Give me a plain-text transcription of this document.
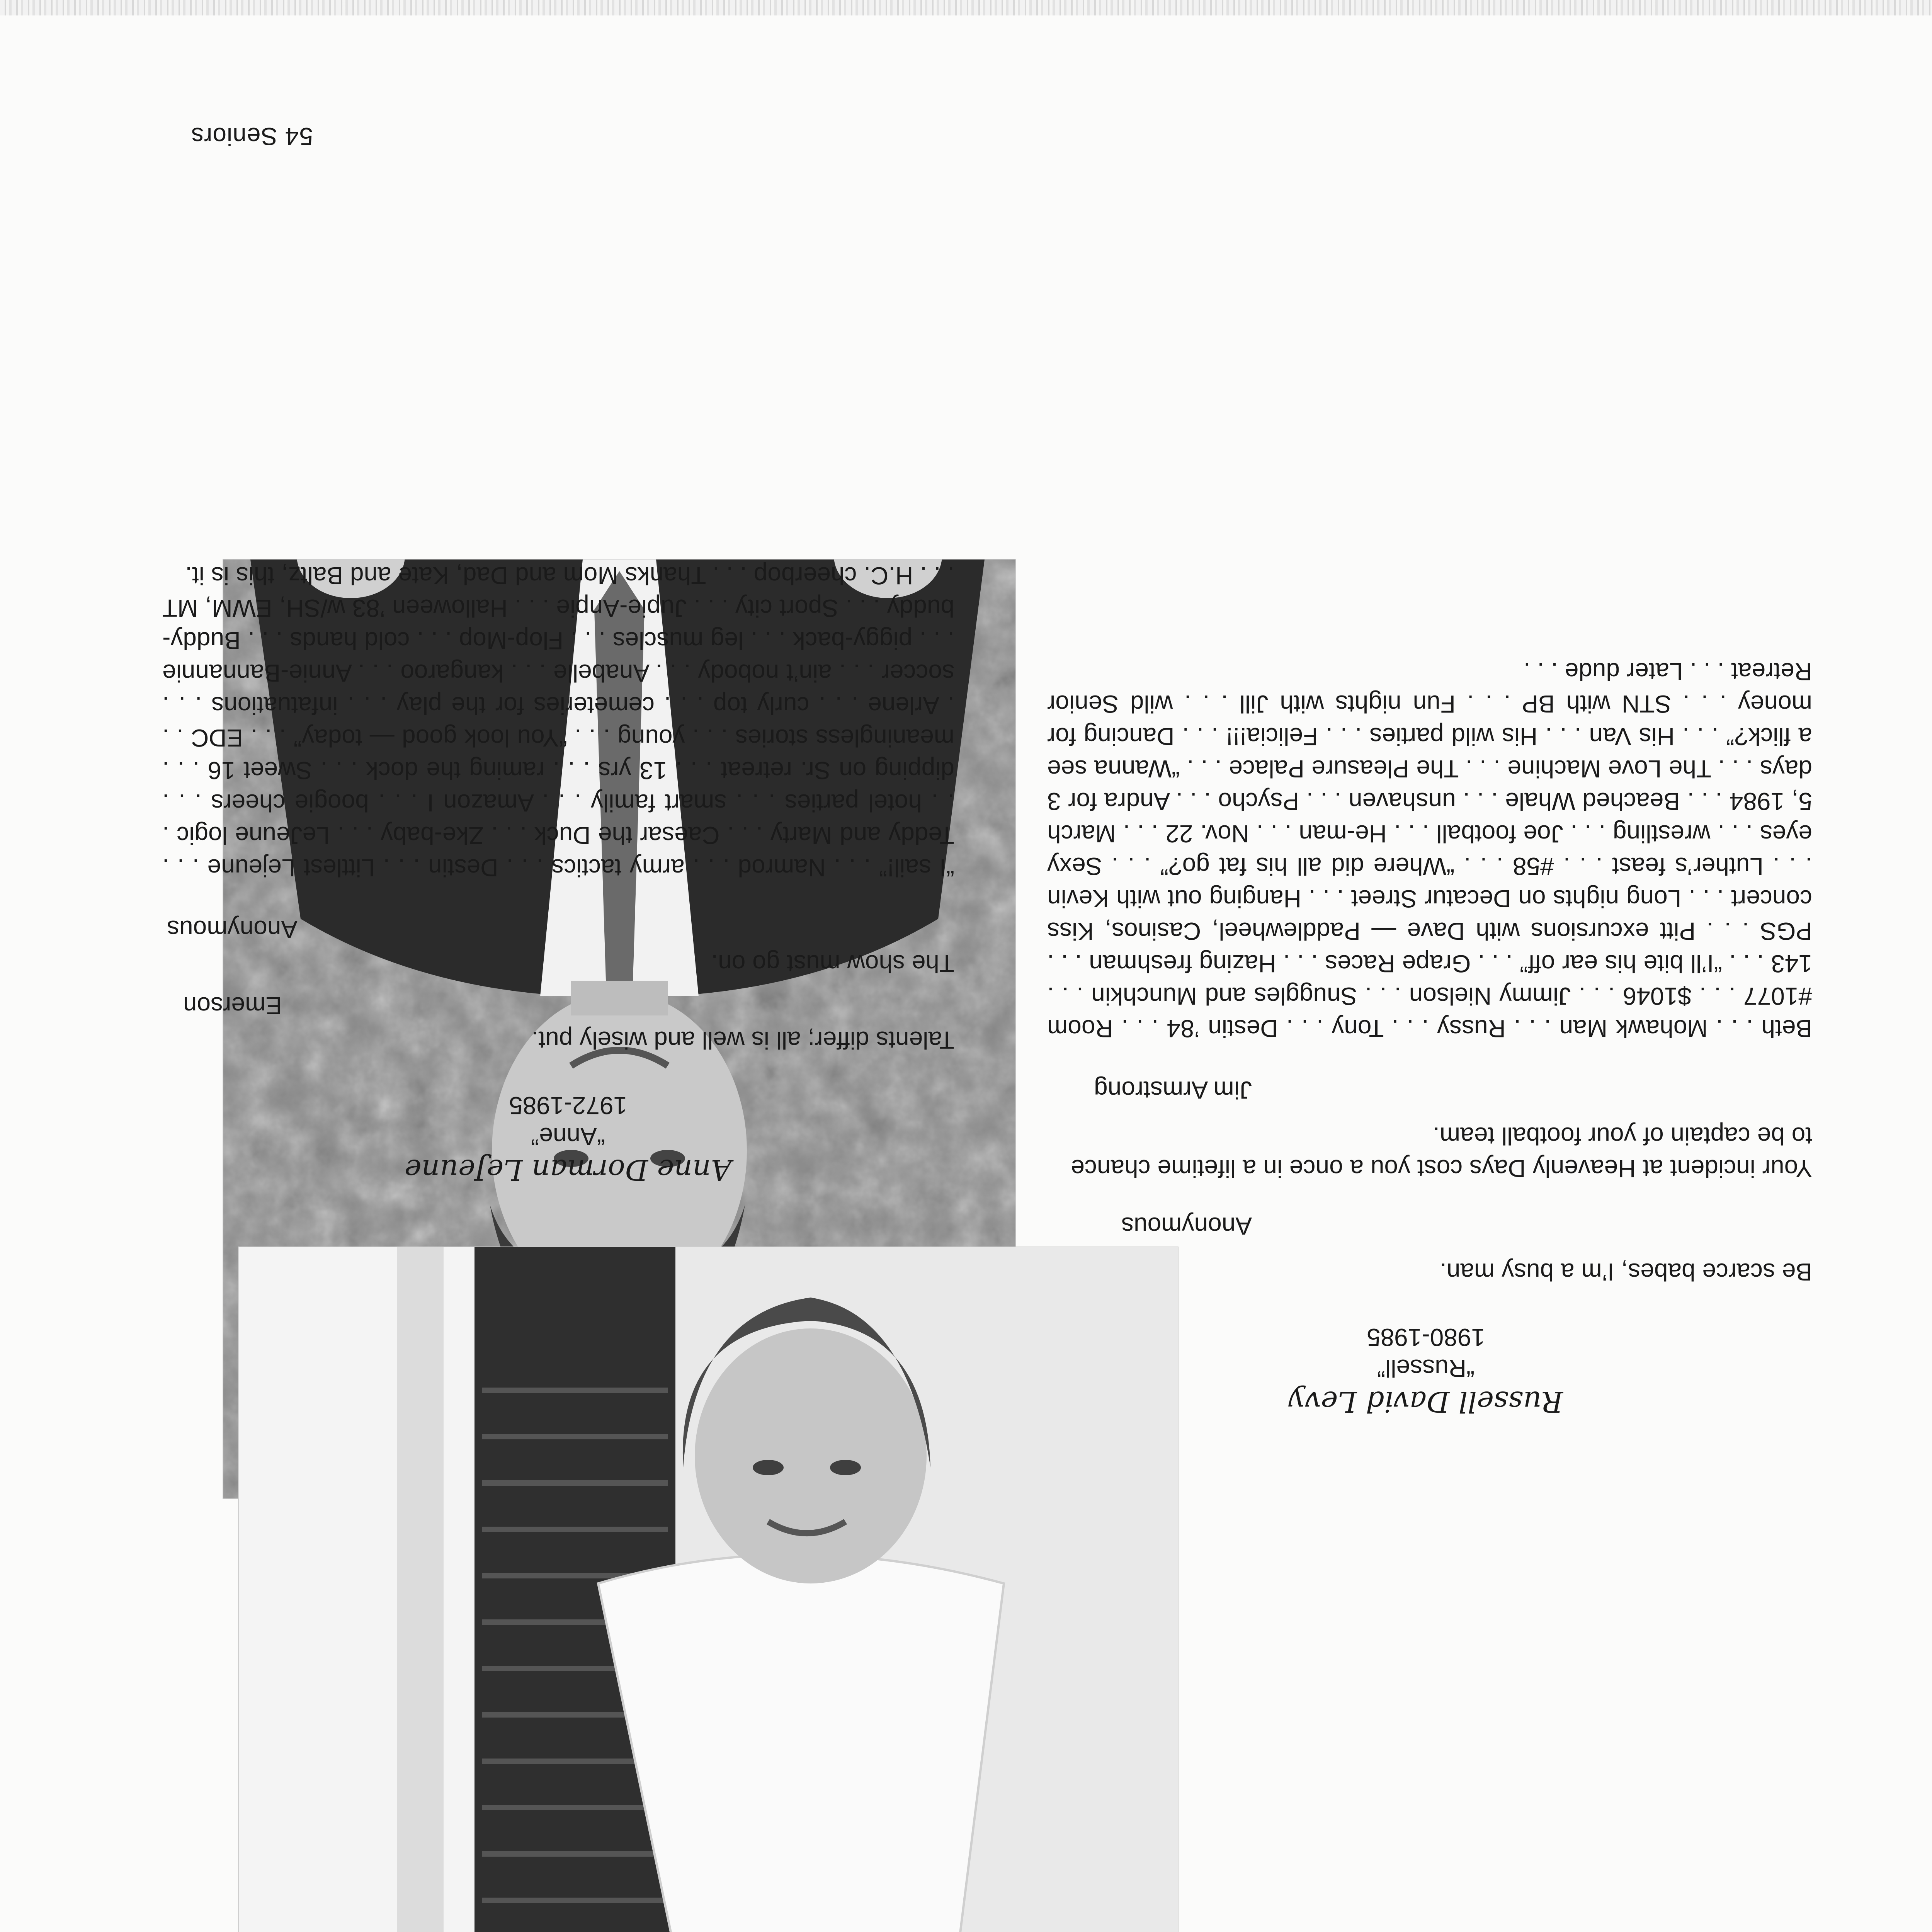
Russell David Levy

“Russell”

1980-1985

Be scarce babes, I’m a busy man.

Anonymous

Your incident at Heavenly Days cost you a once in a lifetime chance to be captain of your football team.

Jim Armstrong

Beth . . . Mohawk Man . . . Russy . . . Tony . . . Destin ’84 . . . Room #1077 . . . $1046 . . . Jimmy Nielson . . . Snuggles and Munchkin . . . 143 . . . “I’ll bite his ear off” . . . Grape Races . . . Hazing freshman . . . PGS . . . Pitt excursions with Dave — Paddlewheel, Casinos, Kiss concert . . . Long nights on Decatur Street . . . Hanging out with Kevin . . . Luther’s feast . . . #58 . . . “Where did all his fat go?” . . . Sexy eyes . . . wrestling . . . Joe football . . . He-man . . . Nov. 22 . . . March 5, 1984 . . . Beached Whale . . . unshaven . . . Psycho . . . Andra for 3 days . . . The Love Machine . . . The Pleasure Palace . . . “Wanna see a flick?” . . . His Van . . . His wild parties . . . Felicia!!! . . . Dancing for money . . . STN with BP . . . Fun nights with Jill . . . wild Senior Retreat . . . Later dude . . .

Anne Dorman LeJeune

“Anne”

1972-1985

Talents differ; all is well and wisely put.

Emerson

The show must go on.

Anonymous

“I sail!” . . . Namrod . . . army tactics . . . Destin . . . Littlest Lejeune . . . Teddy and Marty . . . Caesar the Duck . . . Zke-baby . . . LeJeune logic . . . hotel parties . . . smart family . . . Amazon I . . . boogie cheers . . . dipping on Sr. retreat . . . 13 yrs . . . raming the dock . . . Sweet 16 . . . meaningless stories . . . young . . . “You look good — today” . . . EDC . . . Arlene . . . curly top . . . cemeteries for the play . . . infatuations . . . soccer . . . ain’t nobody . . . Anabelle . . . kangaroo . . . Annie-Bannannie . . . piggy-back . . . leg muscles . . . Flop-Mop . . . cold hands . . . Buddy-buddy . . . Sport city . . . Jupie-Anpie . . . Halloween ’83 w/SH, EWM, MT . . . H.C. cheerbop . . . Thanks Mom and Dad, Kate and Baltz, this is it.

54 Seniors
